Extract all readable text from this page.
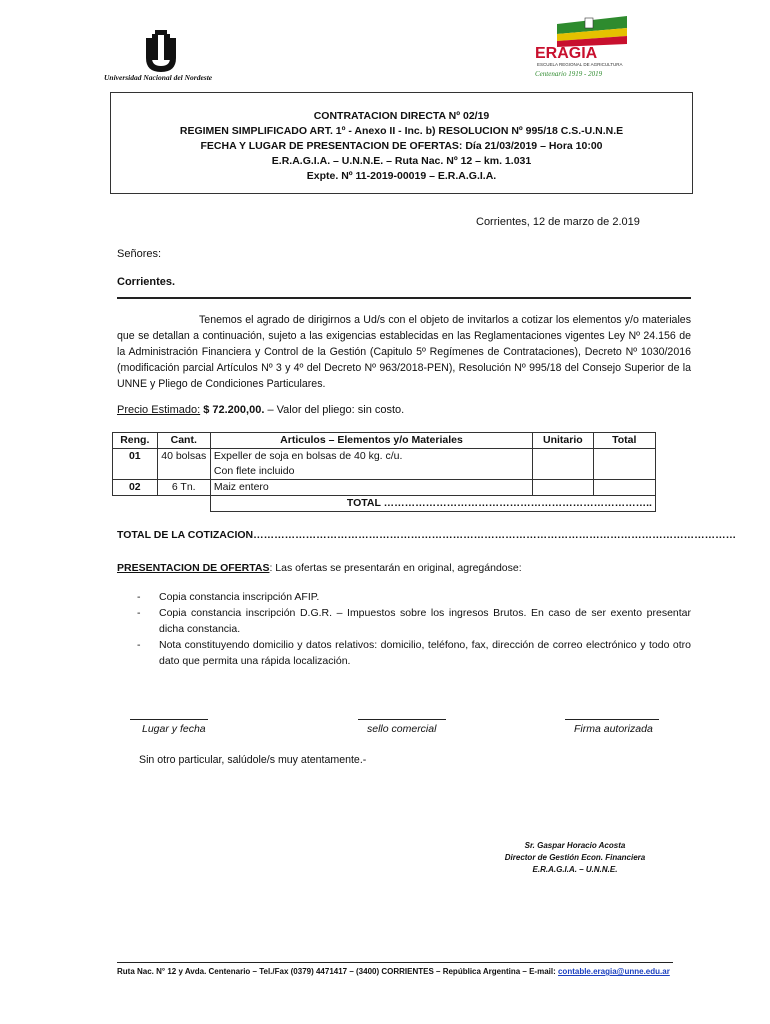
Universidad Nacional del Nordeste
ERAGIA
ESCUELA REGIONAL DE AGRICULTURA
Centenario 1919 - 2019
CONTRATACION DIRECTA Nº 02/19
REGIMEN SIMPLIFICADO ART. 1º - Anexo II - Inc. b) RESOLUCION Nº 995/18 C.S.-U.N.N.E
FECHA Y LUGAR DE PRESENTACION DE OFERTAS: Día 21/03/2019 – Hora 10:00
E.R.A.G.I.A. – U.N.N.E. – Ruta Nac. Nº 12 – km. 1.031
Expte. Nº 11-2019-00019 – E.R.A.G.I.A.
Corrientes, 12 de marzo de 2.019
Señores:
Corrientes.
Tenemos el agrado de dirigirnos a Ud/s con el objeto de invitarlos a cotizar los elementos y/o materiales que se detallan a continuación, sujeto a las exigencias establecidas en las Reglamentaciones vigentes Ley Nº 24.156 de la Administración Financiera y Control de la Gestión (Capitulo 5º Regímenes de Contrataciones), Decreto Nº 1030/2016 (modificación parcial Artículos Nº 3 y 4º del Decreto Nº 963/2018-PEN), Resolución Nº 995/18 del Consejo Superior de la UNNE y Pliego de Condiciones Particulares.
Precio Estimado: $ 72.200,00. – Valor del pliego: sin costo.
Reng.	Cant.	Articulos – Elementos y/o Materiales	Unitario	Total
01	40 bolsas	Expeller de soja en bolsas de 40 kg. c/u.
Con flete incluido		

02	6 Tn.	Maiz entero		
		TOTAL …………………………………………………………………..		
TOTAL DE LA COTIZACION…………………………………………………………………………………………………………………………
PRESENTACION DE OFERTAS: Las ofertas se presentarán en original, agregándose:
- Copia constancia inscripción AFIP.
- Copia constancia inscripción D.G.R. – Impuestos sobre los ingresos Brutos. En caso de ser exento presentar dicha constancia.
- Nota constituyendo domicilio y datos relativos: domicilio, teléfono, fax, dirección de correo electrónico y todo otro dato que permita una rápida localización.
Lugar y fecha	sello comercial	Firma autorizada
Sin otro particular, salúdole/s muy atentamente.-
Sr. Gaspar Horacio Acosta
Director de Gestión Econ. Financiera
E.R.A.G.I.A. – U.N.N.E.
Ruta Nac. N° 12 y Avda. Centenario – Tel./Fax (0379) 4471417 – (3400) CORRIENTES – República Argentina – E-mail: contable.eragia@unne.edu.ar
